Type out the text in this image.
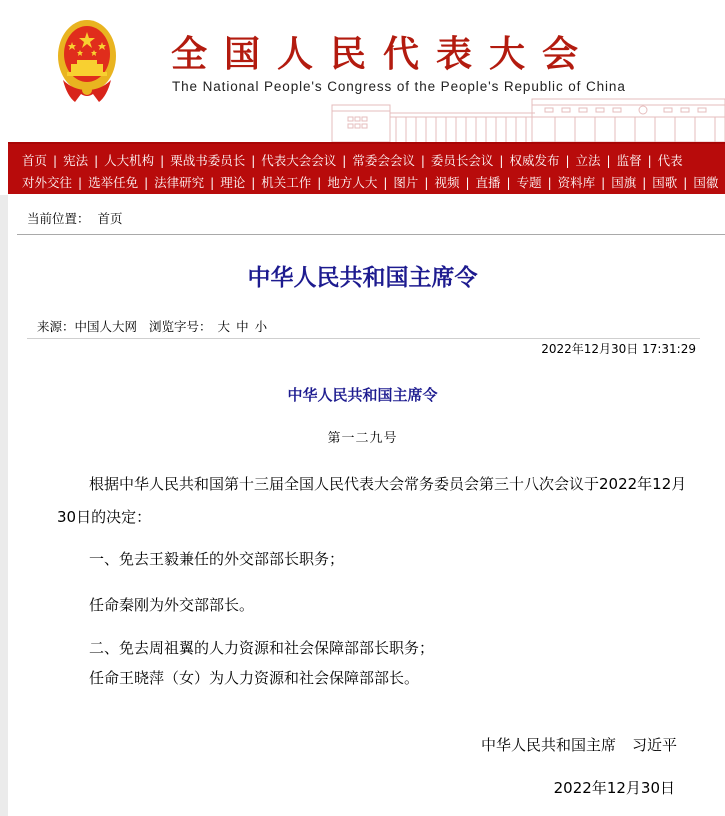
全国人民代表大会
The National People's Congress of the People's Republic of China
首页 | 宪法 | 人大机构 | 栗战书委员长 | 代表大会会议 | 常委会会议 | 委员长会议 | 权威发布 | 立法 | 监督 | 代表
对外交往 | 选举任免 | 法律研究 | 理论 | 机关工作 | 地方人大 | 图片 | 视频 | 直播 | 专题 | 资料库 | 国旗 | 国歌 | 国徽
当前位置： 首页
中华人民共和国主席令
来源： 中国人大网 浏览字号： 大 中 小
2022年12月30日 17:31:29
中华人民共和国主席令
第一二九号

根据中华人民共和国第十三届全国人民代表大会常务委员会第三十八次会议于2022年12月30日的决定：

一、免去王毅兼任的外交部部长职务；

任命秦刚为外交部部长。

二、免去周祖翼的人力资源和社会保障部部长职务；

任命王晓萍（女）为人力资源和社会保障部部长。

中华人民共和国主席 习近平
2022年12月30日
